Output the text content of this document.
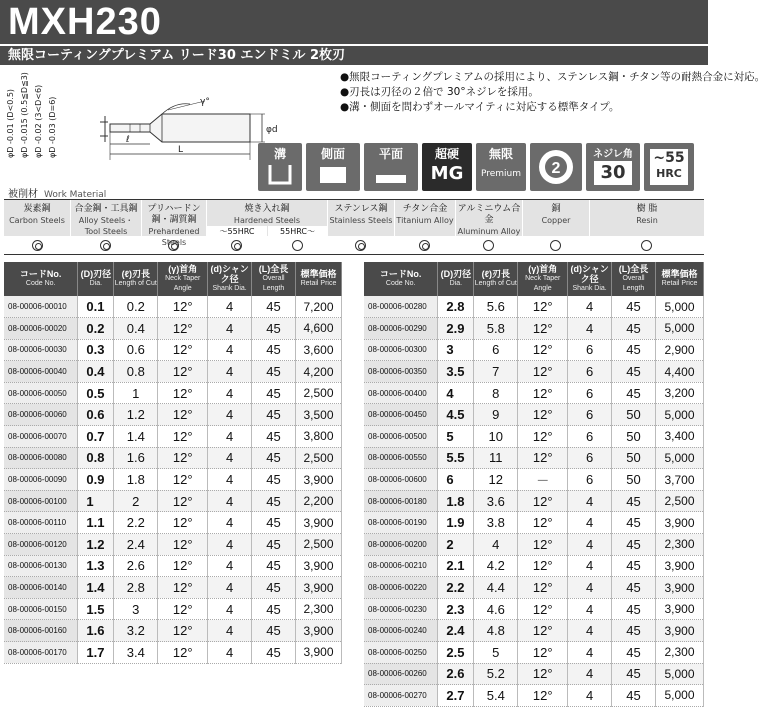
MXH230
無限コーティングプレミアム リード30 エンドミル 2枚刃
φD -0.01 (D<0.5) φD -0.015 (0.5≦D≦3) φD -0.02 (3<D<6) φD -0.03 (D=6)	γ°
φd
L
ℓ
●無限コーティングプレミアムの採用により、ステンレス鋼・チタン等の耐熱合金に対応。
●刃長は刃径の２倍で 30°ネジレを採用。
●溝・側面を問わずオールマイティに対応する標準タイプ。
溝	側面	平面	超硬
MG
無限
Premium	2
ネジレ角
30
~55
HRC
被削材 Work Material
炭素鋼
Carbon Steels
合金鋼・工具鋼
Alloy Steels・Tool Steels
プリハードン鋼・調質鋼
Prehardened Steels
焼き入れ鋼
Hardened Steels
～55HRC	55HRC～
ステンレス鋼
Stainless Steels
チタン合金
Titanium Alloy
アルミニウム合金
Aluminum Alloy
銅
Copper
樹 脂
Resin
コードNo.
Code No.	(D)刃径
Dia.	(ℓ)刃長
Length of Cut	(γ)首角
Neck Taper Angle	(d)シャンク径
Shank Dia.	(L)全長
Overall Length	標準価格
Retail Price

08-00006-00010	0.1	0.2	12°	4	45	7,200
08-00006-00020	0.2	0.4	12°	4	45	4,600
08-00006-00030	0.3	0.6	12°	4	45	3,600
08-00006-00040	0.4	0.8	12°	4	45	4,200
08-00006-00050	0.5	1	12°	4	45	2,500
08-00006-00060	0.6	1.2	12°	4	45	3,500
08-00006-00070	0.7	1.4	12°	4	45	3,800
08-00006-00080	0.8	1.6	12°	4	45	2,500
08-00006-00090	0.9	1.8	12°	4	45	3,900
08-00006-00100	1	2	12°	4	45	2,200
08-00006-00110	1.1	2.2	12°	4	45	3,900
08-00006-00120	1.2	2.4	12°	4	45	2,500
08-00006-00130	1.3	2.6	12°	4	45	3,900
08-00006-00140	1.4	2.8	12°	4	45	3,900
08-00006-00150	1.5	3	12°	4	45	2,300
08-00006-00160	1.6	3.2	12°	4	45	3,900
08-00006-00170	1.7	3.4	12°	4	45	3,900
コードNo.
Code No.	(D)刃径
Dia.	(ℓ)刃長
Length of Cut	(γ)首角
Neck Taper Angle	(d)シャンク径
Shank Dia.	(L)全長
Overall Length	標準価格
Retail Price

08-00006-00280	2.8	5.6	12°	4	45	5,000
08-00006-00290	2.9	5.8	12°	4	45	5,000
08-00006-00300	3	6	12°	6	45	2,900
08-00006-00350	3.5	7	12°	6	45	4,400
08-00006-00400	4	8	12°	6	45	3,200
08-00006-00450	4.5	9	12°	6	50	5,000
08-00006-00500	5	10	12°	6	50	3,400
08-00006-00550	5.5	11	12°	6	50	5,000
08-00006-00600	6	12	－	6	50	3,700
08-00006-00180	1.8	3.6	12°	4	45	2,500
08-00006-00190	1.9	3.8	12°	4	45	3,900
08-00006-00200	2	4	12°	4	45	2,300
08-00006-00210	2.1	4.2	12°	4	45	3,900
08-00006-00220	2.2	4.4	12°	4	45	3,900
08-00006-00230	2.3	4.6	12°	4	45	3,900
08-00006-00240	2.4	4.8	12°	4	45	3,900
08-00006-00250	2.5	5	12°	4	45	2,300
08-00006-00260	2.6	5.2	12°	4	45	5,000
08-00006-00270	2.7	5.4	12°	4	45	5,000
